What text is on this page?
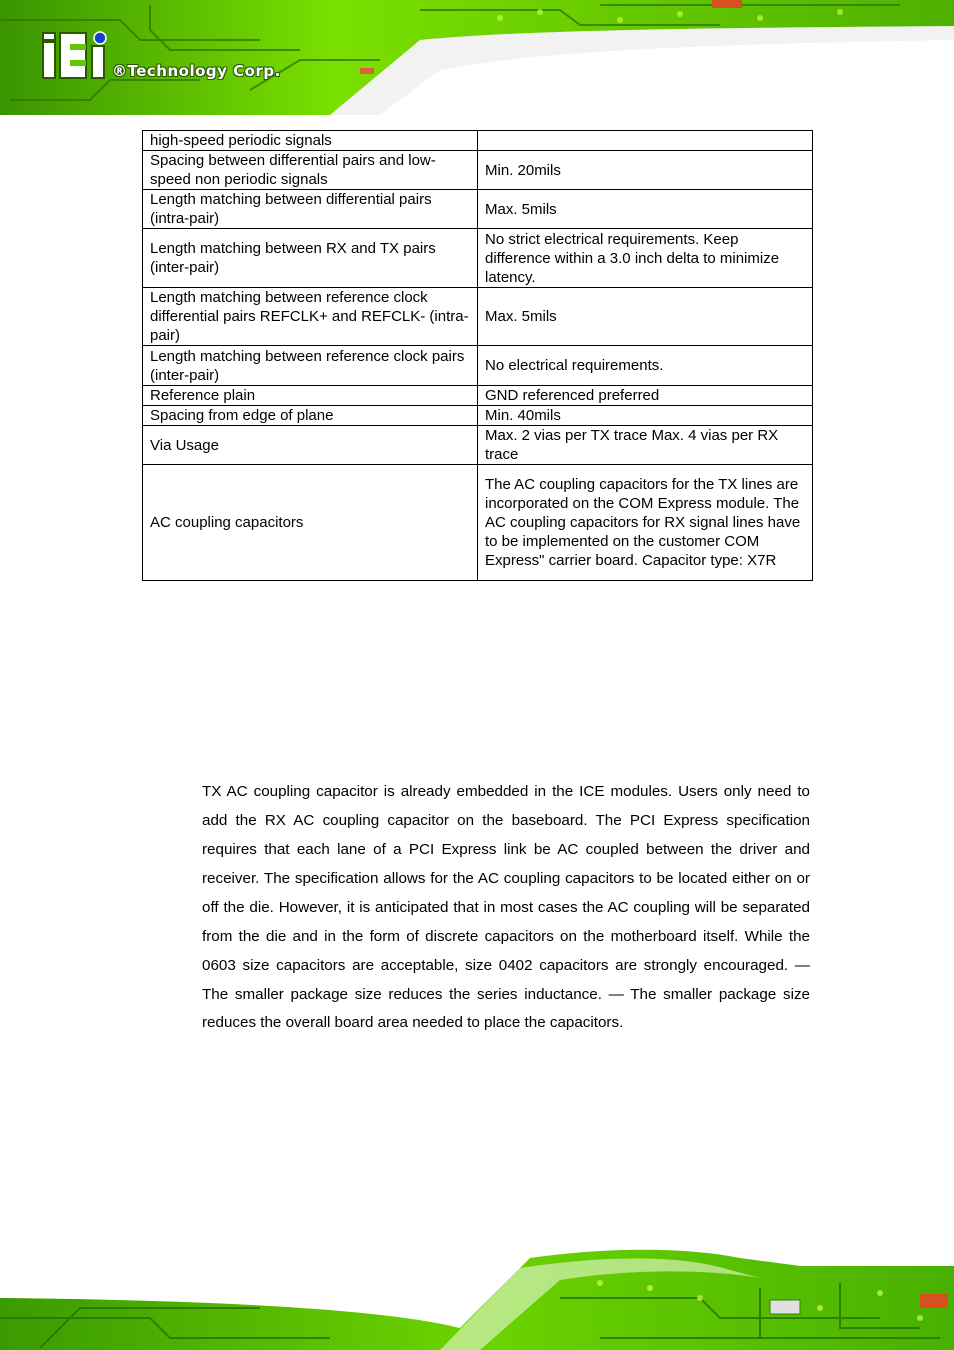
®Technology Corp.
high-speed periodic signals	
Spacing between differential pairs and low-speed non periodic signals	Min. 20mils
Length matching between differential pairs (intra-pair)	Max. 5mils
Length matching between RX and TX pairs (inter-pair)	No strict electrical requirements. Keep difference within a 3.0 inch delta to minimize latency.
Length matching between reference clock differential pairs REFCLK+ and REFCLK- (intra-pair)	Max. 5mils
Length matching between reference clock pairs (inter-pair)	No electrical requirements.
Reference plain	GND referenced preferred
Spacing from edge of plane	Min. 40mils
Via Usage	Max. 2 vias per TX trace Max. 4 vias per RX trace
AC coupling capacitors	The AC coupling capacitors for the TX lines are incorporated on the COM Express module. The AC coupling capacitors for RX signal lines have to be implemented on the customer COM Express" carrier board. Capacitor type: X7R

TX AC coupling capacitor is already embedded in the ICE modules. Users only need to add the RX AC coupling capacitor on the baseboard. The PCI Express specification requires that each lane of a PCI Express link be AC coupled between the driver and receiver. The specification allows for the AC coupling capacitors to be located either on or off the die. However, it is anticipated that in most cases the AC coupling will be separated from the die and in the form of discrete capacitors on the motherboard itself. While the 0603 size capacitors are acceptable, size 0402 capacitors are strongly encouraged. — The smaller package size reduces the series inductance. — The smaller package size reduces the overall board area needed to place the capacitors.
